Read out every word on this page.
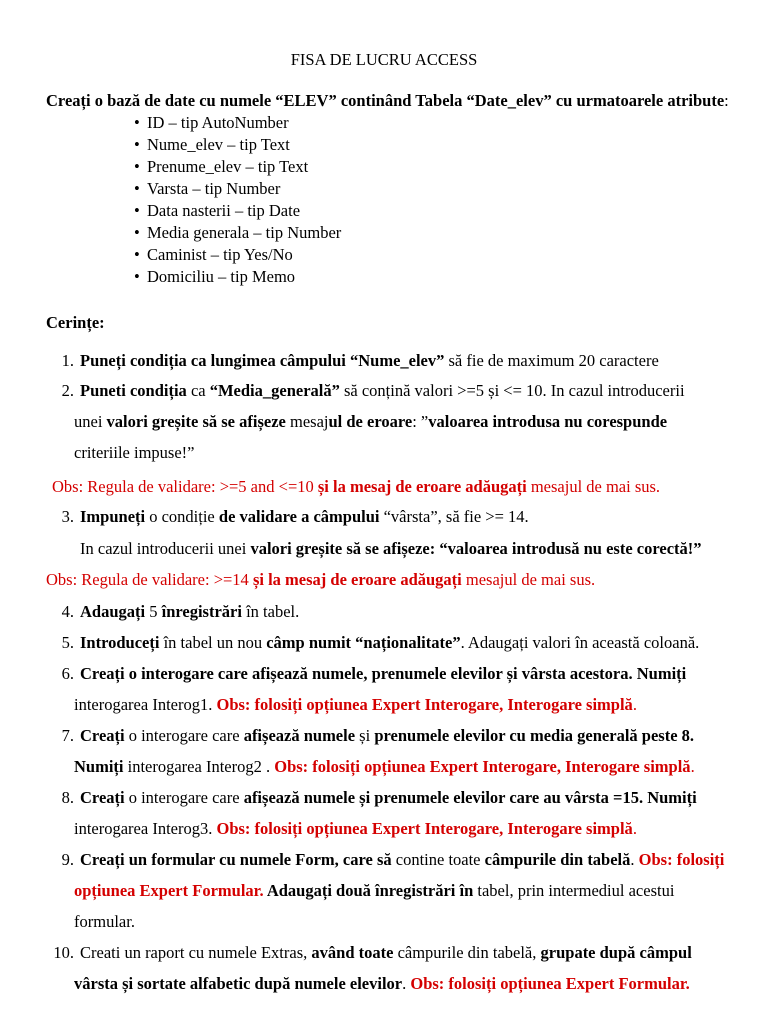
FISA DE LUCRU ACCESS
Creați o bază de date cu numele “ELEV” continând Tabela “Date_elev” cu urmatoarele atribute:
• ID – tip AutoNumber
• Nume_elev – tip Text
• Prenume_elev – tip Text
• Varsta – tip Number
• Data nasterii – tip Date
• Media generala – tip Number
• Caminist – tip Yes/No
• Domiciliu – tip Memo
Cerințe:
1. Puneți condiția ca lungimea câmpului “Nume_elev” să fie de maximum 20 caractere
2. Puneti condiția ca “Media_generală” să conțină valori >=5 și <= 10. In cazul introducerii
unei valori greșite să se afișeze mesajul de eroare: ”valoarea introdusa nu corespunde
criteriile impuse!”
Obs: Regula de validare: >=5 and <=10 și la mesaj de eroare adăugați mesajul de mai sus.
3. Impuneți o condiție de validare a câmpului “vârsta”, să fie >= 14.
In cazul introducerii unei valori greșite să se afișeze: “valoarea introdusă nu este corectă!”
Obs: Regula de validare: >=14 și la mesaj de eroare adăugați mesajul de mai sus.
4. Adaugați 5 înregistrări în tabel.
5. Introduceți în tabel un nou câmp numit “naționalitate”. Adaugați valori în această coloană.
6. Creați o interogare care afișează numele, prenumele elevilor și vârsta acestora. Numiți
interogarea Interog1. Obs: folosiți opțiunea Expert Interogare, Interogare simplă.
7. Creați o interogare care afișează numele și prenumele elevilor cu media generală peste 8.
Numiți interogarea Interog2 . Obs: folosiți opțiunea Expert Interogare, Interogare simplă.
8. Creați o interogare care afișează numele și prenumele elevilor care au vârsta =15. Numiți
interogarea Interog3. Obs: folosiți opțiunea Expert Interogare, Interogare simplă.
9. Creați un formular cu numele Form, care să contine toate câmpurile din tabelă. Obs: folosiți
opțiunea Expert Formular. Adaugați două înregistrări în tabel, prin intermediul acestui
formular.
10. Creati un raport cu numele Extras, având toate câmpurile din tabelă, grupate după câmpul
vârsta și sortate alfabetic după numele elevilor. Obs: folosiți opțiunea Expert Formular.
